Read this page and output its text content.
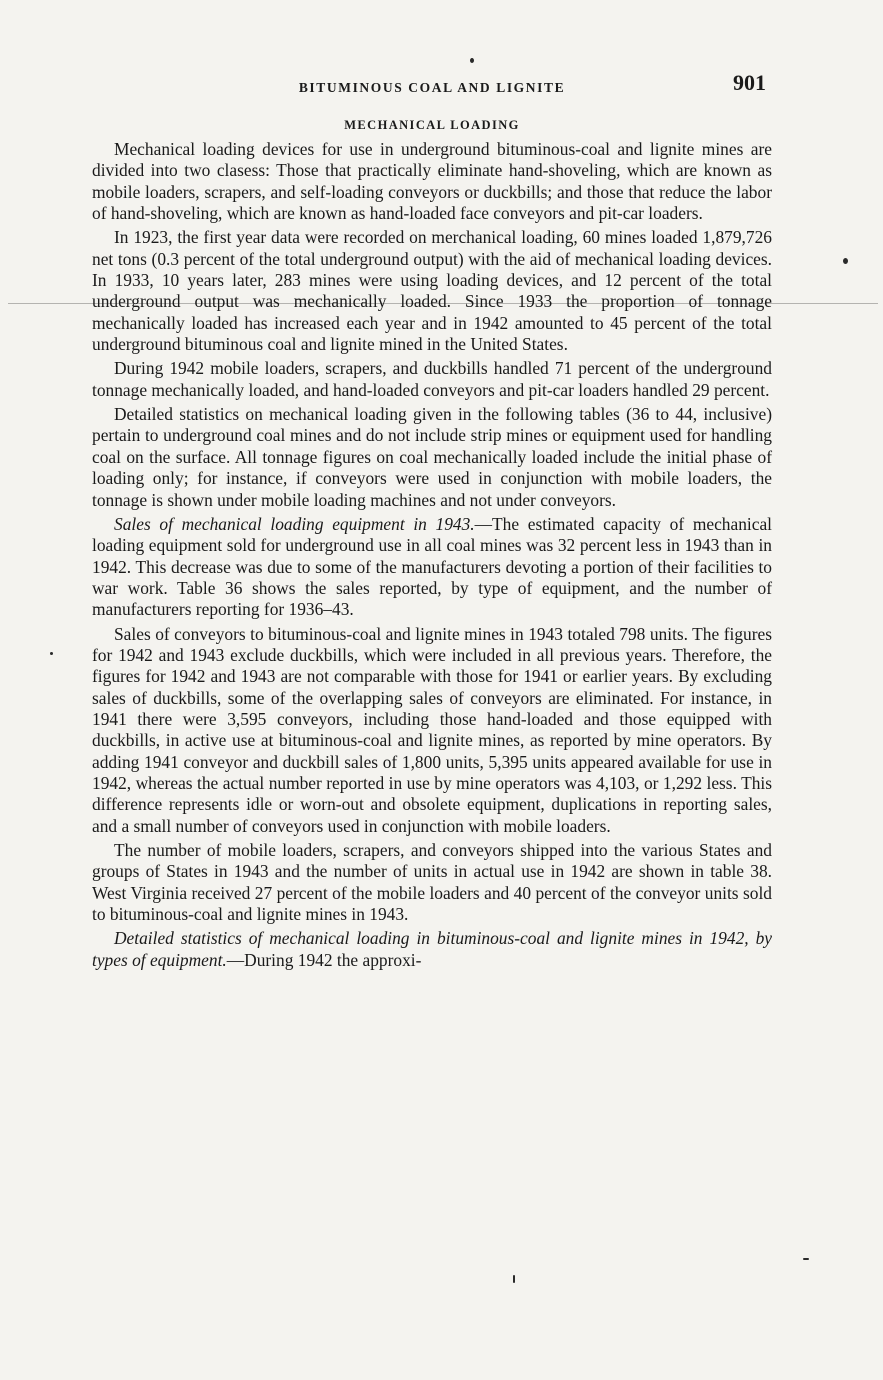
BITUMINOUS COAL AND LIGNITE	901
MECHANICAL LOADING

Mechanical loading devices for use in underground bituminous-coal and lignite mines are divided into two clasess: Those that practically eliminate hand-shoveling, which are known as mobile loaders, scrapers, and self-loading conveyors or duckbills; and those that reduce the labor of hand-shoveling, which are known as hand-loaded face conveyors and pit-car loaders.

In 1923, the first year data were recorded on merchanical loading, 60 mines loaded 1,879,726 net tons (0.3 percent of the total underground output) with the aid of mechanical loading devices. In 1933, 10 years later, 283 mines were using loading devices, and 12 percent of the total underground output was mechanically loaded. Since 1933 the proportion of tonnage mechanically loaded has increased each year and in 1942 amounted to 45 percent of the total underground bituminous coal and lignite mined in the United States.

During 1942 mobile loaders, scrapers, and duckbills handled 71 percent of the underground tonnage mechanically loaded, and hand-loaded conveyors and pit-car loaders handled 29 percent.

Detailed statistics on mechanical loading given in the following tables (36 to 44, inclusive) pertain to underground coal mines and do not include strip mines or equipment used for handling coal on the surface. All tonnage figures on coal mechanically loaded include the initial phase of loading only; for instance, if conveyors were used in conjunction with mobile loaders, the tonnage is shown under mobile loading machines and not under conveyors.

Sales of mechanical loading equipment in 1943.—The estimated capacity of mechanical loading equipment sold for underground use in all coal mines was 32 percent less in 1943 than in 1942. This decrease was due to some of the manufacturers devoting a portion of their facilities to war work. Table 36 shows the sales reported, by type of equipment, and the number of manufacturers reporting for 1936–43.

Sales of conveyors to bituminous-coal and lignite mines in 1943 totaled 798 units. The figures for 1942 and 1943 exclude duckbills, which were included in all previous years. Therefore, the figures for 1942 and 1943 are not comparable with those for 1941 or earlier years. By excluding sales of duckbills, some of the overlapping sales of conveyors are eliminated. For instance, in 1941 there were 3,595 conveyors, including those hand-loaded and those equipped with duckbills, in active use at bituminous-coal and lignite mines, as reported by mine operators. By adding 1941 conveyor and duckbill sales of 1,800 units, 5,395 units appeared available for use in 1942, whereas the actual number reported in use by mine operators was 4,103, or 1,292 less. This difference represents idle or worn-out and obsolete equipment, duplications in reporting sales, and a small number of conveyors used in conjunction with mobile loaders.

The number of mobile loaders, scrapers, and conveyors shipped into the various States and groups of States in 1943 and the number of units in actual use in 1942 are shown in table 38. West Virginia received 27 percent of the mobile loaders and 40 percent of the conveyor units sold to bituminous-coal and lignite mines in 1943.

Detailed statistics of mechanical loading in bituminous-coal and lignite mines in 1942, by types of equipment.—During 1942 the approxi-
